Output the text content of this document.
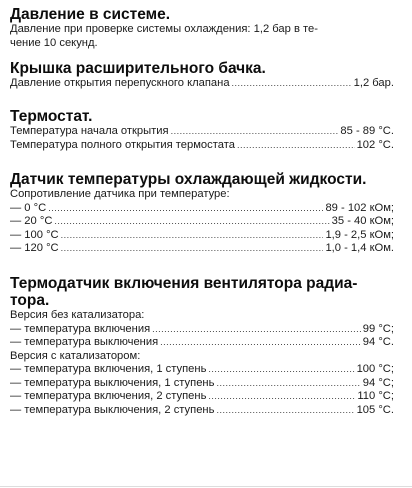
Давление в системе.
Давление при проверке системы охлаждения: 1,2 бар в те-
чение 10 секунд.
Крышка расширительного бачка.
Давление открытия перепускного клапана .....	1,2 бар.
Термостат.
Температура начала открытия .....	85 - 89 °С.
Температура полного открытия термостата .....	102 °С.
Датчик температуры охлаждающей жидкости.
Сопротивление датчика при температуре:
— 0 °С .....	89 - 102 кОм;
— 20 °С .....	35 - 40 кОм;
— 100 °С .....	1,9 - 2,5 кОм;
— 120 °С .....	1,0 - 1,4 кОм.
Термодатчик включения вентилятора радиа-
тора.
Версия без катализатора:
— температура включения .....	99 °С;
— температура выключения .....	94 °С.
Версия с катализатором:
— температура включения, 1 ступень .....	100 °С;
— температура выключения, 1 ступень .....	94 °С;
— температура включения, 2 ступень .....	110 °С;
— температура выключения, 2 ступень .....	105 °С.
